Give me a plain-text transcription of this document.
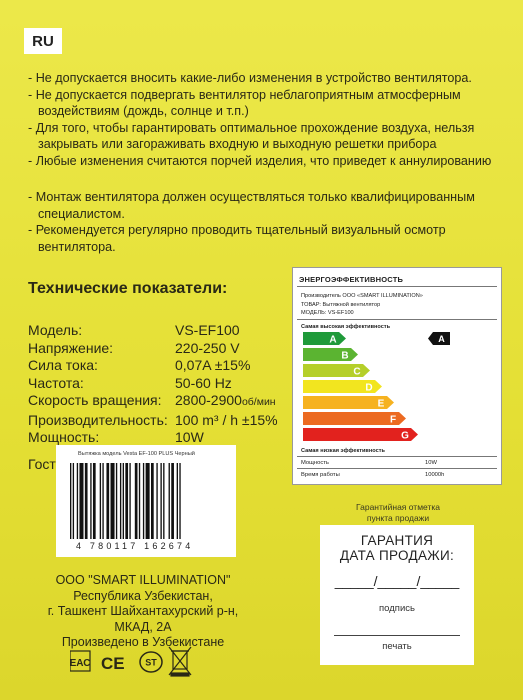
RU

- Не допускается вносить какие-либо изменения в устройство вентилятора.

- Не допускается подвергать вентилятор неблагоприятным атмосферным воздействиям (дождь, солнце и т.п.)

- Для того, чтобы гарантировать оптимальное прохождение воздуха, нельзя закрывать или загораживать входную и выходную решетки прибора

- Любые изменения считаются порчей изделия, что приведет к аннулированию

- Монтаж вентилятора должен осуществляться только квалифицированным специалистом.

- Рекомендуется регулярно проводить тщательный визуальный осмотр вентилятора.

Технические показатели:
Модель:	VS-EF100
Напряжение:	220-250 V
Сила тока:	0,07A ±15%
Частота:	50-60 Hz
Скорость вращения: 2800-2900 об/мин
Производительность: 100 m³ / h ±15%
Мощность:	10W
Гост
ЭНЕРГОЭФФЕКТИВНОСТЬ
Производитель ООО «SMART ILLUMINATION»
ТОВАР: Вытяжной вентилятор
МОДЕЛЬ: VS-EF100
Самая высокая эффективность
A
B
C
D
E
F
G
A
Самая низкая эффективность
Мощность	10W
Время работы	10000h
Вытяжка модель Vesta EF-100 PLUS Черный
4 780117 162674
ООО "SMART ILLUMINATION"
Республика Узбекистан,
г. Ташкент Шайхантахурский р-н,
МКАД, 2А
Произведено в Узбекистане
ЕАС CE ST
Гарантийная отметка
пункта продажи
ГАРАНТИЯ
ДАТА ПРОДАЖИ:
_____/_____/_____
подпись
печать
